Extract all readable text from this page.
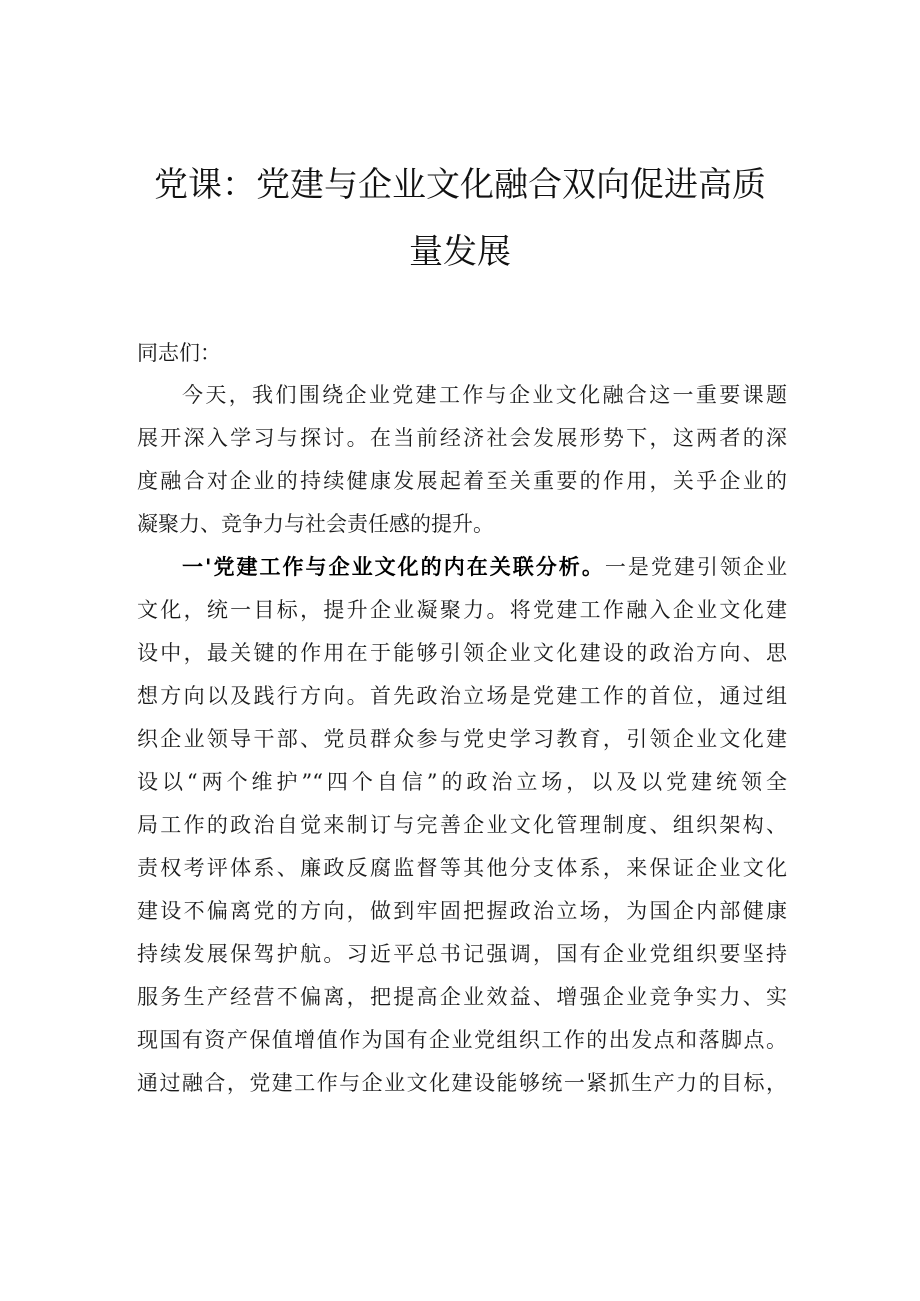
党课：党建与企业文化融合双向促进高质
量发展
同志们：
今天，我们围绕企业党建工作与企业文化融合这一重要课题
展开深入学习与探讨。在当前经济社会发展形势下，这两者的深
度融合对企业的持续健康发展起着至关重要的作用，关乎企业的
凝聚力、竞争力与社会责任感的提升。
一'党建工作与企业文化的内在关联分析。一是党建引领企业
文化，统一目标，提升企业凝聚力。将党建工作融入企业文化建
设中，最关键的作用在于能够引领企业文化建设的政治方向、思
想方向以及践行方向。首先政治立场是党建工作的首位，通过组
织企业领导干部、党员群众参与党史学习教育，引领企业文化建
设以“两个维护”“四个自信”的政治立场，以及以党建统领全
局工作的政治自觉来制订与完善企业文化管理制度、组织架构、
责权考评体系、廉政反腐监督等其他分支体系，来保证企业文化
建设不偏离党的方向，做到牢固把握政治立场，为国企内部健康
持续发展保驾护航。习近平总书记强调，国有企业党组织要坚持
服务生产经营不偏离，把提高企业效益、增强企业竞争实力、实
现国有资产保值增值作为国有企业党组织工作的出发点和落脚点。
通过融合，党建工作与企业文化建设能够统一紧抓生产力的目标，
